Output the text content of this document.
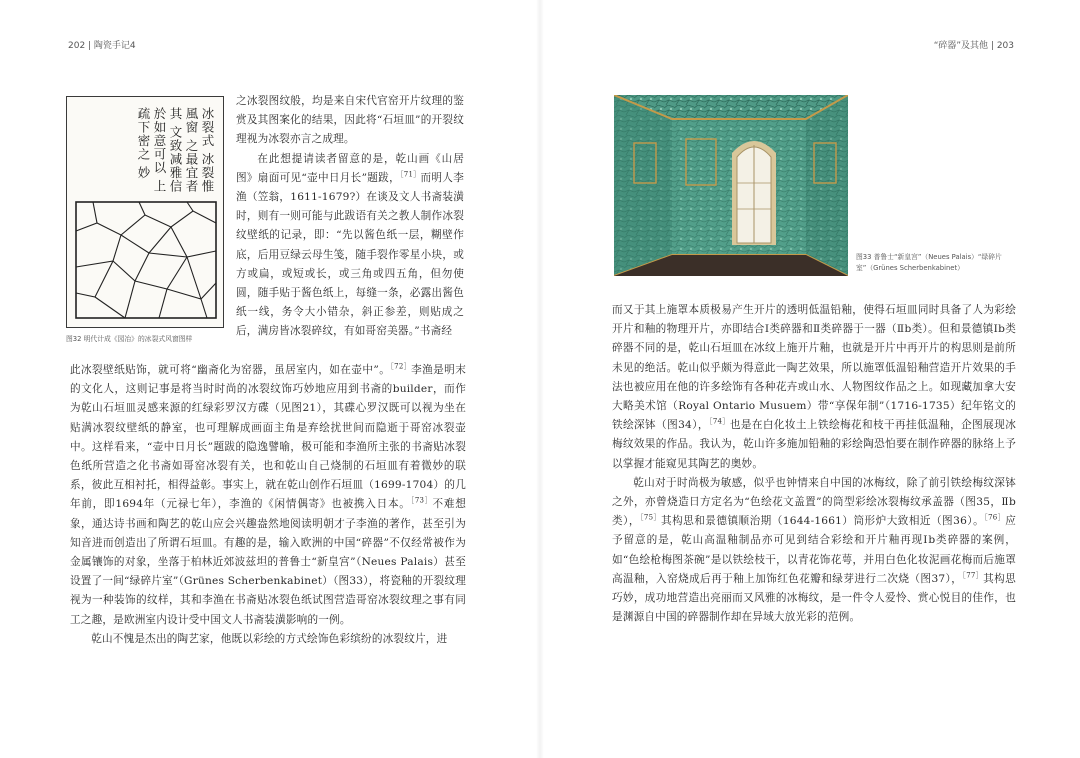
202 | 陶瓷手记4
冰裂式 冰裂惟風窗 之最宜者其 文致减雅信 於如意可以 上疏下密之 妙
图32 明代计成《园冶》的冰裂式风窗图样

之冰裂图纹般，均是来自宋代官窑开片纹理的鉴赏及其图案化的结果，因此将“石垣皿”的开裂纹理视为冰裂亦言之成理。

在此想提请读者留意的是，乾山画《山居图》扇面可见“壶中日月长”题跋，$^{[71]}$而明人李渔（笠翁，1611-1679?）在谈及文人书斋装潢时，则有一则可能与此跋语有关之教人制作冰裂纹壁纸的记录，即：“先以酱色纸一层，糊壁作底，后用豆绿云母生笺，随手裂作零星小块，或方或扁，或短或长，或三角或四五角，但勿使圆，随手贴于酱色纸上，每缝一条，必露出酱色纸一线，务令大小错杂，斜正参差，则贴成之后，满房皆冰裂碎纹，有如哥窑美器。”书斋经

此冰裂壁纸贴饰，就可将“幽斋化为窑器，虽居室内，如在壶中”。$^{[72]}$李渔是明末的文化人，这则记事是将当时时尚的冰裂纹饰巧妙地应用到书斋的builder，而作为乾山石垣皿灵感来源的红绿彩罗汉方碟（见图21），其碟心罗汉既可以视为坐在贴满冰裂纹壁纸的静室，也可理解成画面主角是弃绘扰世间而隐逝于哥窑冰裂壶中。这样看来，“壶中日月长”题跋的隐逸譬喻，极可能和李渔所主张的书斋贴冰裂色纸所营造之化书斋如哥窑冰裂有关，也和乾山自己烧制的石垣皿有着微妙的联系，彼此互相衬托，相得益彰。事实上，就在乾山创作石垣皿（1699-1704）的几年前，即1694年（元禄七年），李渔的《闲情偶寄》也被携入日本。$^{[73]}$不难想象，通达诗书画和陶艺的乾山应会兴趣盎然地阅读明朝才子李渔的著作，甚至引为知音进而创造出了所谓石垣皿。有趣的是，输入欧洲的中国“碎器”不仅经常被作为金属镶饰的对象，坐落于柏林近郊波兹坦的普鲁士“新皇宫”（Neues Palais）甚至设置了一间“绿碎片室”（Grünes Scherbenkabinet）（图33），将瓷釉的开裂纹理视为一种装饰的纹样，其和李渔在书斋贴冰裂色纸试图营造哥窑冰裂纹理之事有同工之趣，是欧洲室内设计受中国文人书斋装潢影响的一例。

乾山不愧是杰出的陶艺家，他既以彩绘的方式绘饰色彩缤纷的冰裂纹片，进

“碎器”及其他 | 203
图33 普鲁士“新皇宫”（Neues Palais）“绿碎片室”（Grünes Scherbenkabinet）

而又于其上施罩本质极易产生开片的透明低温铅釉，使得石垣皿同时具备了人为彩绘开片和釉的物理开片，亦即结合Ⅰ类碎器和Ⅱ类碎器于一器（Ⅱb类）。但和景德镇Ⅰb类碎器不同的是，乾山石垣皿在冰纹上施开片釉，也就是开片中再开片的构思则是前所未见的绝活。乾山似乎颇为得意此一陶艺效果，所以施罩低温铅釉营造开片效果的手法也被应用在他的许多绘饰有各种花卉或山水、人物图纹作品之上。如现藏加拿大安大略美术馆（Royal Ontario Musuem）带“享保年制”（1716-1735）纪年铭文的铁绘深钵（图34），$^{[74]}$也是在白化妆土上铁绘梅花和枝干再挂低温釉，企图展现冰梅纹效果的作品。我认为，乾山许多施加铅釉的彩绘陶恐怕要在制作碎器的脉络上予以掌握才能窥见其陶艺的奥妙。

乾山对于时尚极为敏感，似乎也钟情来自中国的冰梅纹，除了前引铁绘梅纹深钵之外，亦曾烧造日方定名为“色绘花文盖置”的筒型彩绘冰裂梅纹承盖器（图35，Ⅱb类），$^{[75]}$其构思和景德镇顺治期（1644-1661）筒形炉大致相近（图36）。$^{[76]}$应予留意的是，乾山高温釉制品亦可见到结合彩绘和开片釉再现Ⅰb类碎器的案例，如“色绘枪梅图茶碗”是以铁绘枝干，以青花饰花萼，并用白色化妆泥画花梅而后施罩高温釉，入窑烧成后再于釉上加饰红色花瓣和绿芽进行二次烧（图37），$^{[77]}$其构思巧妙，成功地营造出亮丽而又风雅的冰梅纹，是一件令人爱怜、赏心悦目的佳作，也是渊源自中国的碎器制作却在异域大放光彩的范例。
